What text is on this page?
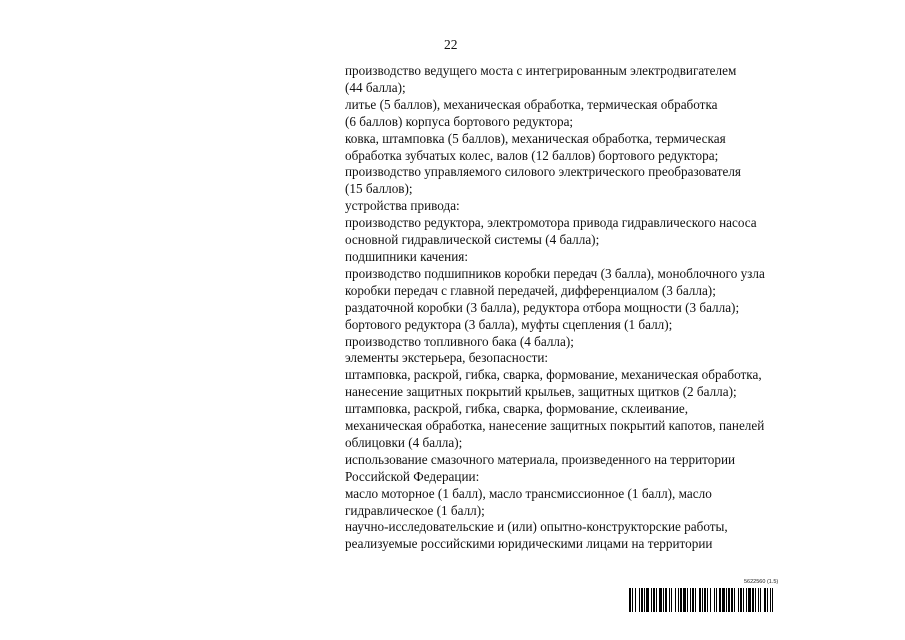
22
производство ведущего моста с интегрированным электродвигателем
(44 балла);
литье (5 баллов), механическая обработка, термическая обработка
(6 баллов) корпуса бортового редуктора;
ковка, штамповка (5 баллов), механическая обработка, термическая
обработка зубчатых колес, валов (12 баллов) бортового редуктора;
производство управляемого силового электрического преобразователя
(15 баллов);
устройства привода:
производство редуктора, электромотора привода гидравлического насоса
основной гидравлической системы (4 балла);
подшипники качения:
производство подшипников коробки передач (3 балла), моноблочного узла
коробки передач с главной передачей, дифференциалом (3 балла);
раздаточной коробки (3 балла), редуктора отбора мощности (3 балла);
бортового редуктора (3 балла), муфты сцепления (1 балл);
производство топливного бака (4 балла);
элементы экстерьера, безопасности:
штамповка, раскрой, гибка, сварка, формование, механическая обработка,
нанесение защитных покрытий крыльев, защитных щитков (2 балла);
штамповка, раскрой, гибка, сварка, формование, склеивание,
механическая обработка, нанесение защитных покрытий капотов, панелей
облицовки (4 балла);
использование смазочного материала, произведенного на территории
Российской Федерации:
масло моторное (1 балл), масло трансмиссионное (1 балл), масло
гидравлическое (1 балл);
научно-исследовательские и (или) опытно-конструкторские работы,
реализуемые российскими юридическими лицами на территории
5622560 (1.5)
